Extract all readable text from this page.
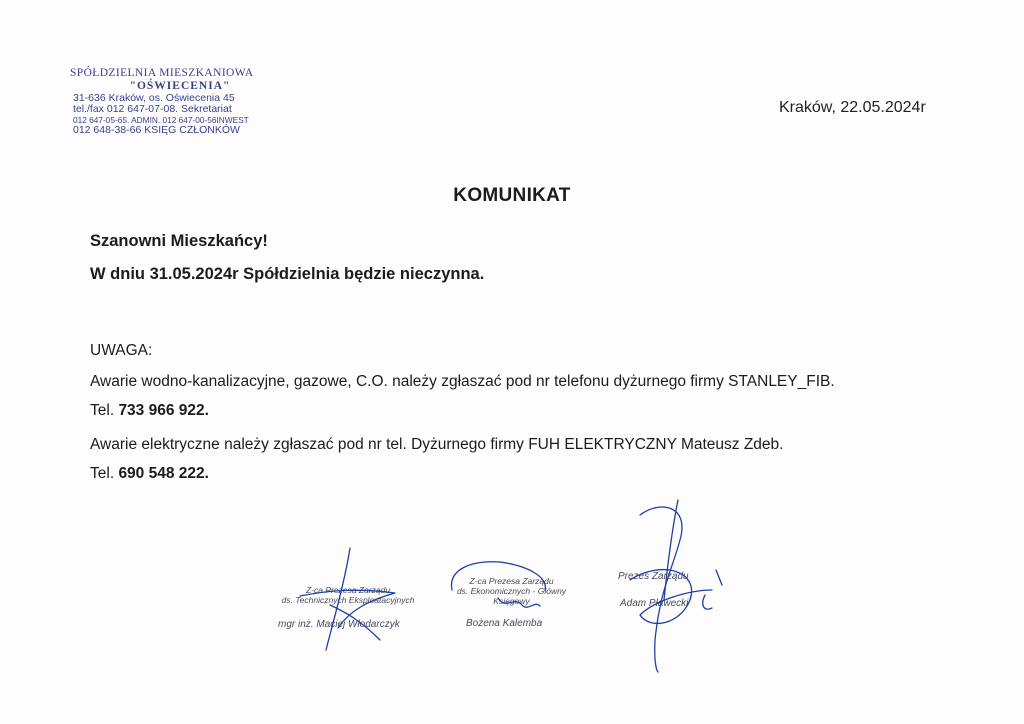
SPÓŁDZIELNIA MIESZKANIOWA
"OŚWIECENIA"
31-636 Kraków, os. Oświecenia 45
tel./fax 012 647-07-08. Sekretariat
012 647-05-65. ADMIN. 012 647-00-56INWEST
012 648-38-66 KSIĘG CZŁONKÓW
Kraków, 22.05.2024r
KOMUNIKAT
Szanowni Mieszkańcy!
W dniu 31.05.2024r Spółdzielnia będzie nieczynna.
UWAGA:
Awarie wodno-kanalizacyjne, gazowe, C.O. należy zgłaszać pod nr telefonu dyżurnego firmy STANLEY_FIB.
Tel. 733 966 922.
Awarie elektryczne należy zgłaszać pod nr tel. Dyżurnego firmy FUH ELEKTRYCZNY Mateusz Zdeb.
Tel. 690 548 222.
Z-ca Prezesa Zarządu
ds. Technicznych Eksploatacyjnych
mgr inż. Maciej Włodarczyk
Z-ca Prezesa Zarządu
ds. Ekonomicznych - Główny Księgowy
Bożena Kalemba
Prezes Zarządu
Adam Pławecki
